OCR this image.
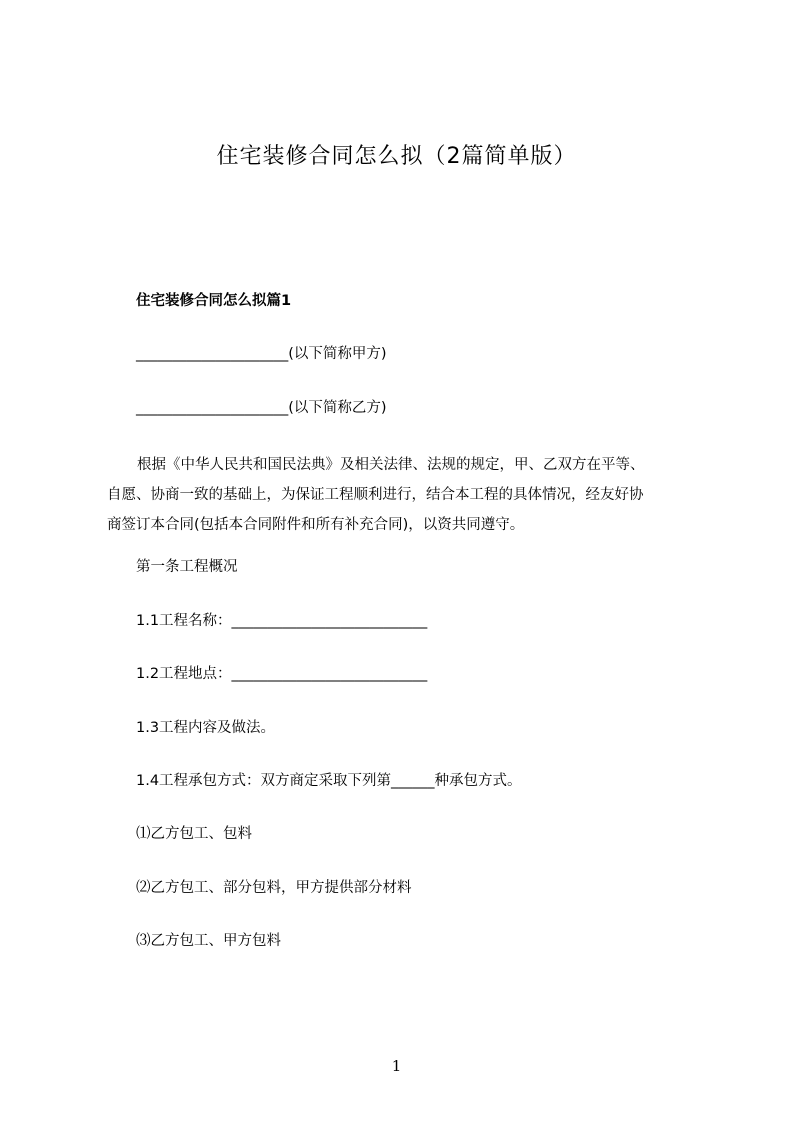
住宅装修合同怎么拟（2篇简单版）
住宅装修合同怎么拟篇1
_____________________(以下简称甲方)
_____________________(以下简称乙方)
根据《中华人民共和国民法典》及相关法律、法规的规定，甲、乙双方在平等、
自愿、协商一致的基础上，为保证工程顺利进行，结合本工程的具体情况，经友好协
商签订本合同(包括本合同附件和所有补充合同)，以资共同遵守。
第一条工程概况
1.1工程名称：___________________________
1.2工程地点：___________________________
1.3工程内容及做法。
1.4工程承包方式：双方商定采取下列第______种承包方式。
⑴乙方包工、包料
⑵乙方包工、部分包料，甲方提供部分材料
⑶乙方包工、甲方包料
1
